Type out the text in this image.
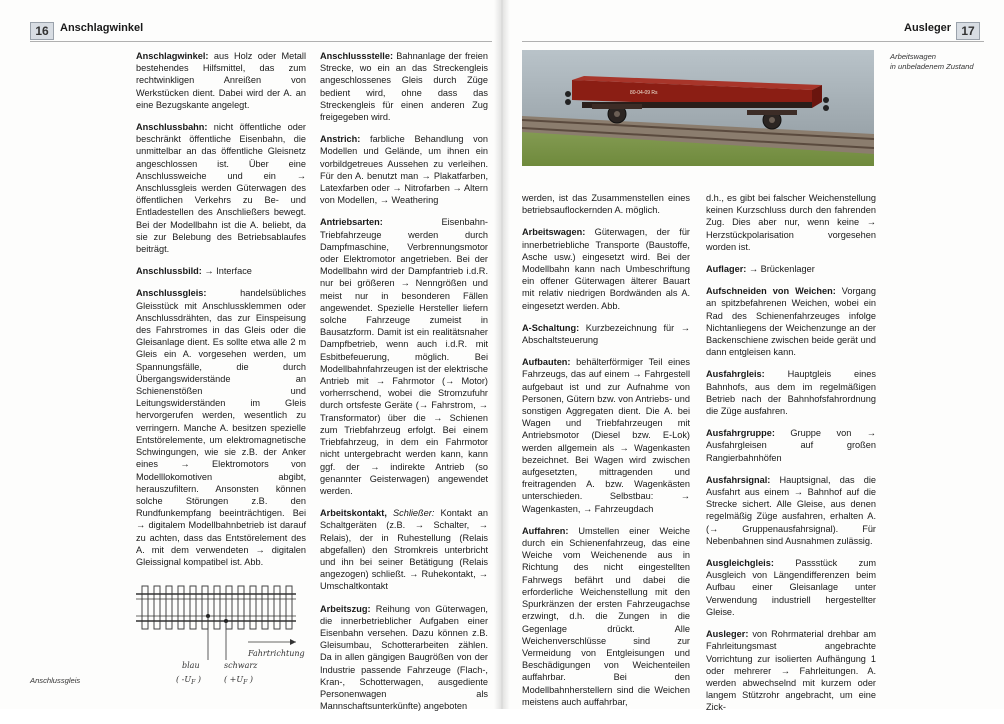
16	Anschlagwinkel

Anschlagwinkel: aus Holz oder Metall bestehendes Hilfsmittel, das zum rechtwinkligen Anreißen von Werkstücken dient. Dabei wird der A. an eine Bezugskante angelegt.

Anschlussbahn: nicht öffentliche oder beschränkt öffentliche Eisenbahn, die unmittelbar an das öffentliche Gleisnetz angeschlossen ist. Über eine Anschlussweiche und ein → Anschlussgleis werden Güterwagen des öffentlichen Verkehrs zu Be- und Entladestellen des Anschließers bewegt. Bei der Modellbahn ist die A. beliebt, da sie zur Belebung des Betriebsablaufes beiträgt.

Anschlussbild: → Interface

Anschlussgleis: handelsübliches Gleisstück mit Anschlussklemmen oder Anschlussdrähten, das zur Einspeisung des Fahrstromes in das Gleis oder die Gleisanlage dient. Es sollte etwa alle 2 m Gleis ein A. vorgesehen werden, um Spannungsfälle, die durch Übergangswiderstände an Schienenstößen und Leitungswiderständen im Gleis hervorgerufen werden, wesentlich zu verringern. Manche A. besitzen spezielle Entstörelemente, um elektromagnetische Schwingungen, wie sie z.B. der Anker eines → Elektromotors von Modelllokomotiven abgibt, herauszufiltern. Ansonsten können solche Störungen z.B. den Rundfunkempfang beeinträchtigen. Bei → digitalem Modellbahnbetrieb ist darauf zu achten, dass das Entstörelement des A. mit dem verwendeten → digitalen Gleissignal kompatibel ist. Abb.

Anschlussstelle: Bahnanlage der freien Strecke, wo ein an das Streckengleis angeschlossenes Gleis durch Züge bedient wird, ohne dass das Streckengleis für einen anderen Zug freigegeben wird.

Anstrich: farbliche Behandlung von Modellen und Gelände, um ihnen ein vorbildgetreues Aussehen zu verleihen. Für den A. benutzt man → Plakatfarben, Latexfarben oder → Nitrofarben → Altern von Modellen, → Weathering

Antriebsarten: Eisenbahn-Triebfahrzeuge werden durch Dampfmaschine, Verbrennungsmotor oder Elektromotor angetrieben. Bei der Modellbahn wird der Dampfantrieb i.d.R. nur bei größeren → Nenngrößen und meist nur in besonderen Fällen angewendet. Spezielle Hersteller liefern solche Fahrzeuge zumeist in Bausatzform. Damit ist ein realitätsnaher Dampfbetrieb, wenn auch i.d.R. mit Esbitbefeuerung, möglich. Bei Modellbahnfahrzeugen ist der elektrische Antrieb mit → Fahrmotor (→ Motor) vorherrschend, wobei die Stromzufuhr durch ortsfeste Geräte (→ Fahrstrom, → Transformator) über die → Schienen zum Triebfahrzeug erfolgt. Bei einem Triebfahrzeug, in dem ein Fahrmotor nicht untergebracht werden kann, kann ggf. der → indirekte Antrieb (so genannter Geisterwagen) angewendet werden.

Arbeitskontakt, Schließer: Kontakt an Schaltgeräten (z.B. → Schalter, → Relais), der in Ruhestellung (Relais abgefallen) den Stromkreis unterbricht und ihn bei seiner Betätigung (Relais angezogen) schließt. → Ruhekontakt, → Umschaltkontakt

Arbeitszug: Reihung von Güterwagen, die innerbetrieblicher Aufgaben einer Eisenbahn versehen. Dazu können z.B. Gleisumbau, Schotterarbeiten zählen. Da in allen gängigen Baugrößen von der Industrie passende Fahrzeuge (Flach-, Kran-, Schotterwagen, ausgediente Personenwagen als Mannschaftsunterkünfte) angeboten

blau	schwarz
( $-U_F$ )	( $+U_F$ )
Fahrtrichtung
Anschlussgleis
Ausleger 17
Arbeitswagen
in unbeladenem Zustand

werden, ist das Zusammenstellen eines betriebsauflockernden A. möglich.

Arbeitswagen: Güterwagen, der für innerbetriebliche Transporte (Baustoffe, Asche usw.) eingesetzt wird. Bei der Modellbahn kann nach Umbeschriftung ein offener Güterwagen älterer Bauart mit relativ niedrigen Bordwänden als A. eingesetzt werden. Abb.

A-Schaltung: Kurzbezeichnung für → Abschaltsteuerung

Aufbauten: behälterförmiger Teil eines Fahrzeugs, das auf einem → Fahrgestell aufgebaut ist und zur Aufnahme von Personen, Gütern bzw. von Antriebs- und sonstigen Aggregaten dient. Die A. bei Wagen und Triebfahrzeugen mit Antriebsmotor (Diesel bzw. E-Lok) werden allgemein als → Wagenkasten bezeichnet. Bei Wagen wird zwischen aufgesetzten, mittragenden und freitragenden A. bzw. Wagenkästen unterschieden. Selbstbau: → Wagenkasten, → Fahrzeugdach

Auffahren: Umstellen einer Weiche durch ein Schienenfahrzeug, das eine Weiche vom Weichenende aus in Richtung des nicht eingestellten Fahrwegs befährt und dabei die erforderliche Weichenstellung mit den Spurkränzen der ersten Fahrzeugachse erzwingt, d.h. die Zungen in die Gegenlage drückt. Alle Weichenverschlüsse sind zur Vermeidung von Entgleisungen und Beschädigungen von Weichenteilen auffahrbar. Bei den Modellbahnherstellern sind die Weichen meistens auch auffahrbar,

d.h., es gibt bei falscher Weichenstellung keinen Kurzschluss durch den fahrenden Zug. Dies aber nur, wenn keine → Herzstückpolarisation vorgesehen worden ist.

Auflager: → Brückenlager

Aufschneiden von Weichen: Vorgang an spitzbefahrenen Weichen, wobei ein Rad des Schienenfahrzeuges infolge Nichtanliegens der Weichenzunge an der Backenschiene zwischen beide gerät und dann entgleisen kann.

Ausfahrgleis: Hauptgleis eines Bahnhofs, aus dem im regelmäßigen Betrieb nach der Bahnhofsfahrordnung die Züge ausfahren.

Ausfahrgruppe: Gruppe von → Ausfahrgleisen auf großen Rangierbahnhöfen

Ausfahrsignal: Hauptsignal, das die Ausfahrt aus einem → Bahnhof auf die Strecke sichert. Alle Gleise, aus denen regelmäßig Züge ausfahren, erhalten A. (→ Gruppenausfahrsignal). Für Nebenbahnen sind Ausnahmen zulässig.

Ausgleichgleis: Passstück zum Ausgleich von Längendifferenzen beim Aufbau einer Gleisanlage unter Verwendung industriell hergestellter Gleise.

Ausleger: von Rohrmaterial drehbar am Fahrleitungsmast angebrachte Vorrichtung zur isolierten Aufhängung 1 oder mehrerer → Fahrleitungen. A. werden abwechselnd mit kurzem oder langem Stützrohr angebracht, um eine Zick-

80-04-09 Rs
